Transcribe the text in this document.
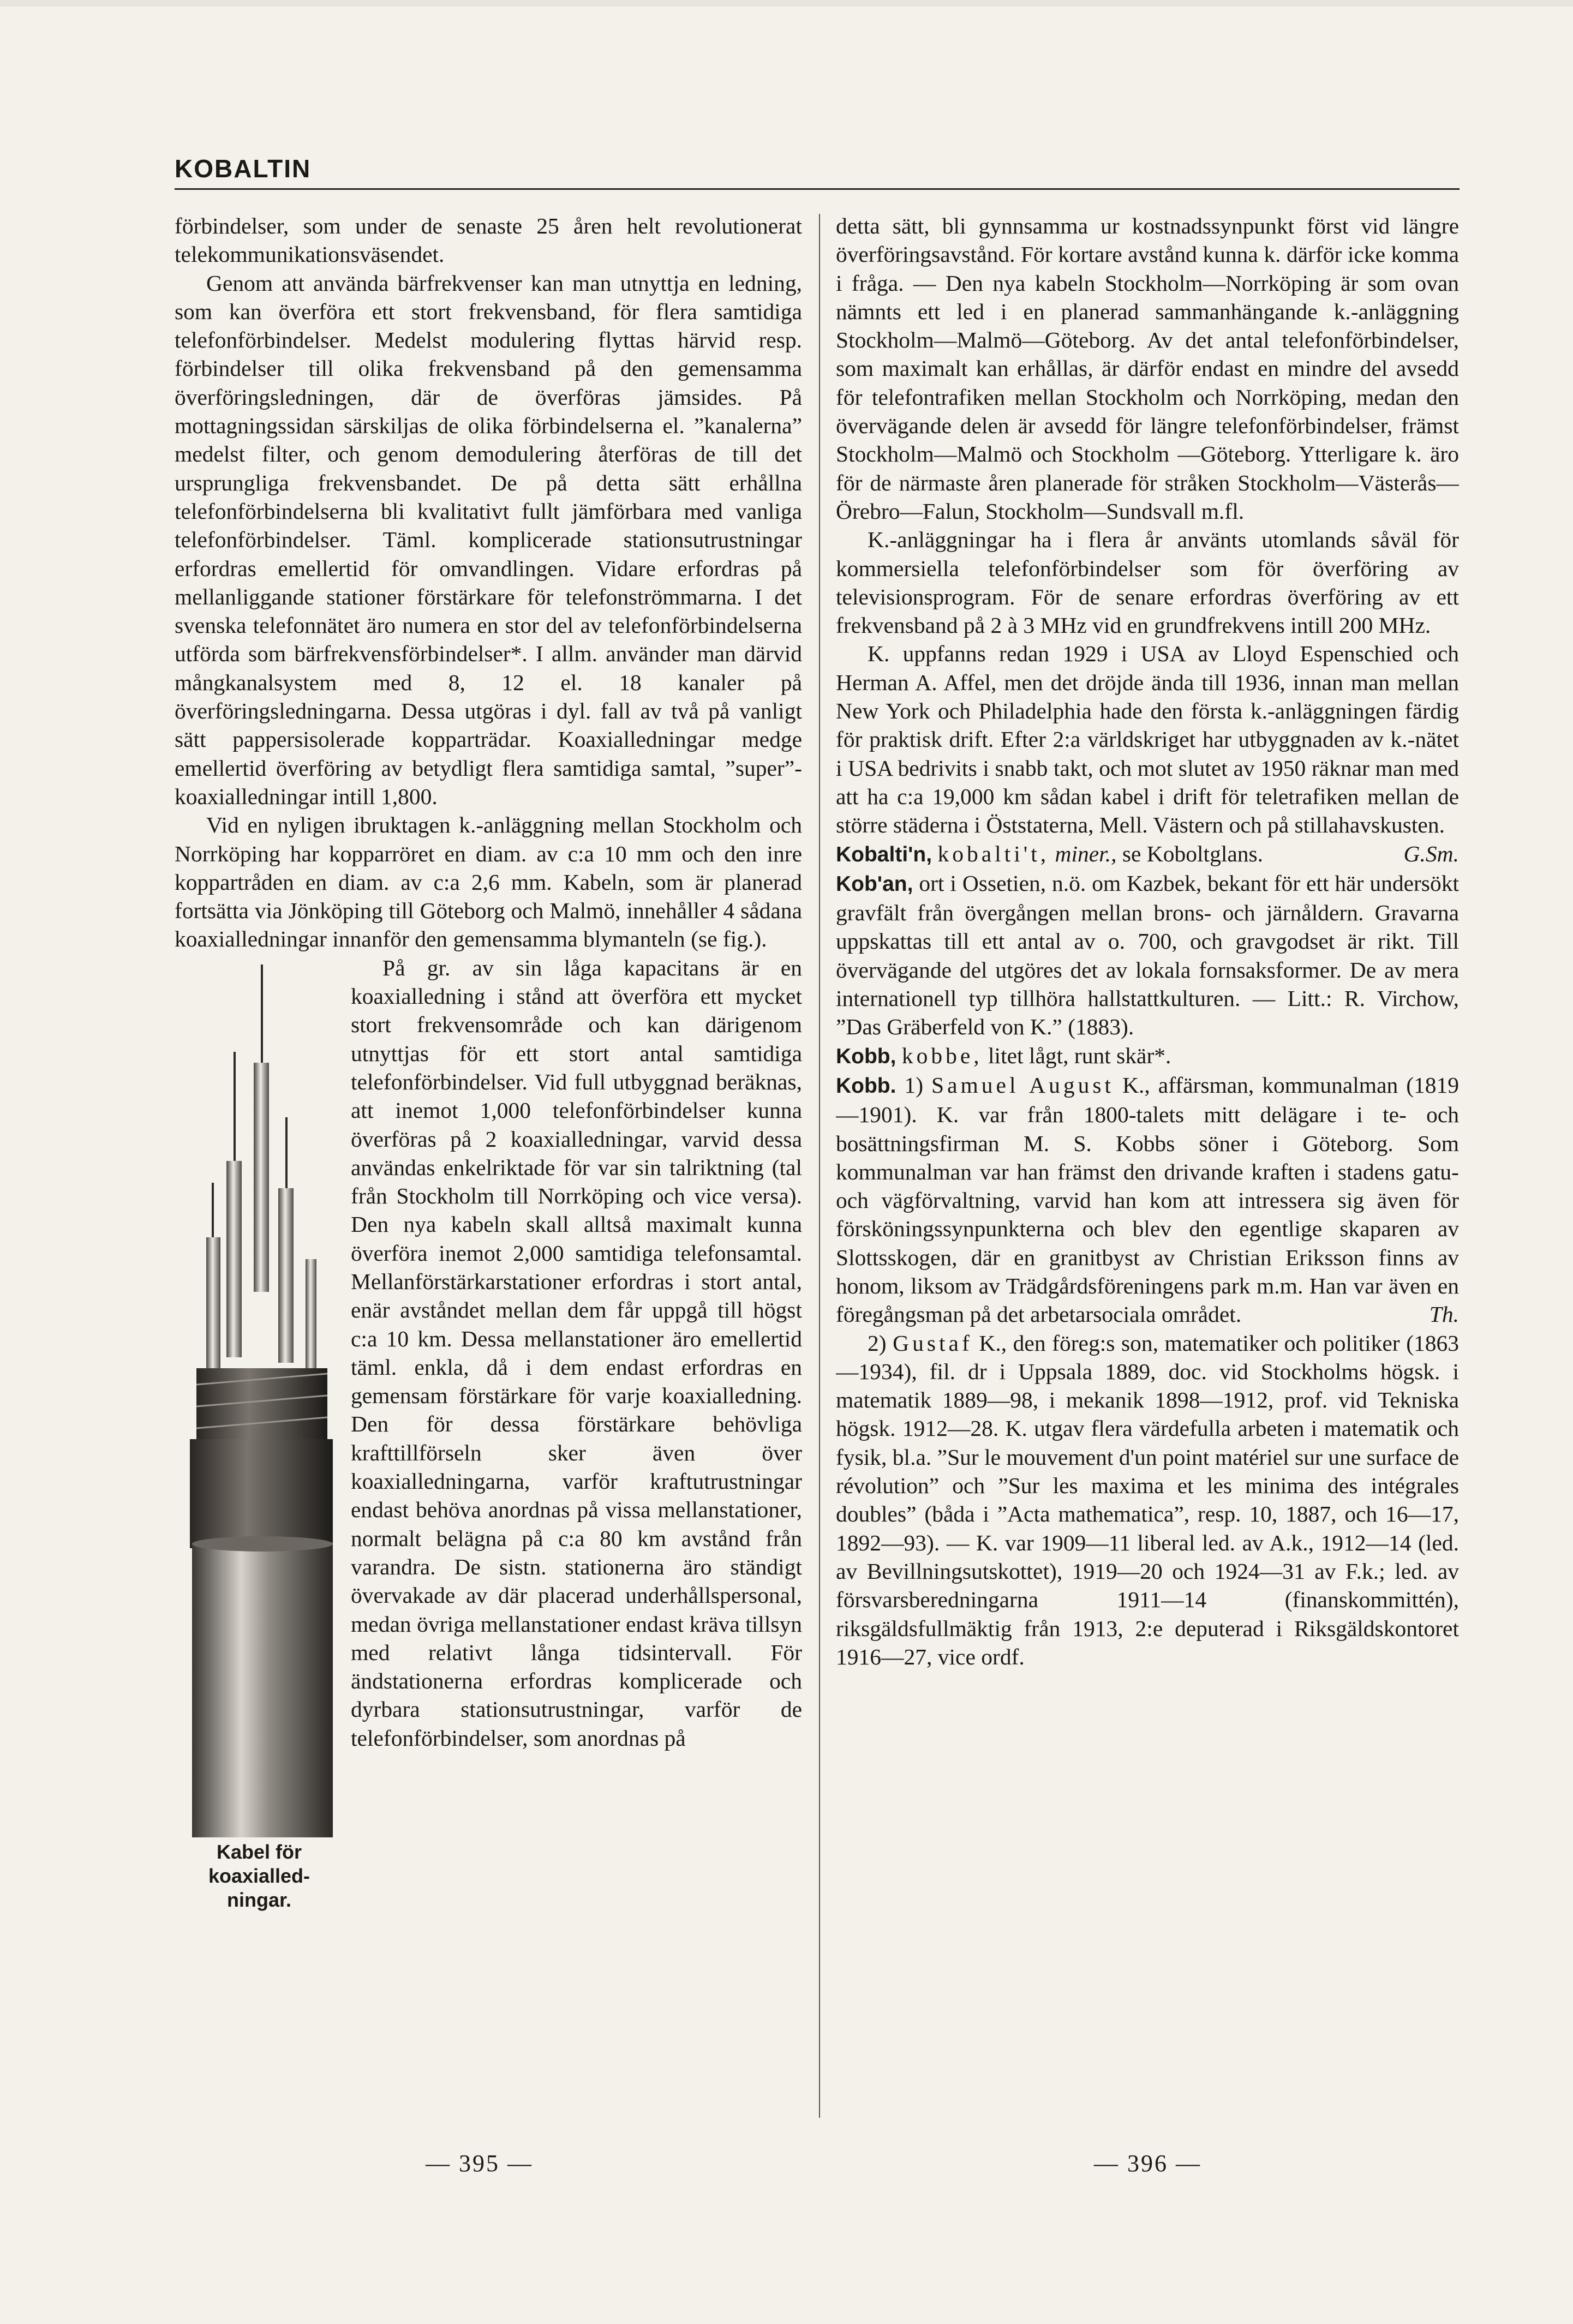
KOBALTIN

förbindelser, som under de senaste 25 åren helt revolutionerat telekommunikationsväsendet.

Genom att använda bärfrekvenser kan man utnyttja en ledning, som kan överföra ett stort frekvensband, för flera samtidiga telefonförbindelser. Medelst modulering flyttas härvid resp. förbindelser till olika frekvensband på den gemensamma överföringsledningen, där de överföras jämsides. På mottagningssidan särskiljas de olika förbindelserna el. ”kanalerna” medelst filter, och genom demodulering återföras de till det ursprungliga frekvensbandet. De på detta sätt erhållna telefonförbindelserna bli kvalitativt fullt jämförbara med vanliga telefonförbindelser. Täml. komplicerade stationsutrustningar erfordras emellertid för omvandlingen. Vidare erfordras på mellanliggande stationer förstärkare för telefonströmmarna. I det svenska telefonnätet äro numera en stor del av telefonförbindelserna utförda som bärfrekvensförbindelser*. I allm. använder man därvid mångkanalsystem med 8, 12 el. 18 kanaler på överföringsledningarna. Dessa utgöras i dyl. fall av två på vanligt sätt pappersisolerade kopparträdar. Koaxialledningar medge emellertid överföring av betydligt flera samtidiga samtal, ”super”-koaxialledningar intill 1,800.

Vid en nyligen ibruktagen k.-anläggning mellan Stockholm och Norrköping har kopparröret en diam. av c:a 10 mm och den inre koppartråden en diam. av c:a 2,6 mm. Kabeln, som är planerad fortsätta via Jönköping till Göteborg och Malmö, innehåller 4 sådana koaxialledningar innanför den gemensamma blymanteln (se fig.).

Kabel för koaxialled-ningar.

På gr. av sin låga kapacitans är en koaxialledning i stånd att överföra ett mycket stort frekvensområde och kan därigenom utnyttjas för ett stort antal samtidiga telefonförbindelser. Vid full utbyggnad beräknas, att inemot 1,000 telefonförbindelser kunna överföras på 2 koaxialledningar, varvid dessa användas enkelriktade för var sin talriktning (tal från Stockholm till Norrköping och vice versa). Den nya kabeln skall alltså maximalt kunna överföra inemot 2,000 samtidiga telefonsamtal. Mellanförstärkarstationer erfordras i stort antal, enär avståndet mellan dem får uppgå till högst c:a 10 km. Dessa mellanstationer äro emellertid täml. enkla, då i dem endast erfordras en gemensam förstärkare för varje koaxialledning. Den för dessa förstärkare behövliga krafttillförseln sker även över koaxialledningarna, varför kraftutrustningar endast behöva anordnas på vissa mellanstationer, normalt belägna på c:a 80 km avstånd från varandra. De sistn. stationerna äro ständigt övervakade av där placerad underhållspersonal, medan övriga mellanstationer endast kräva tillsyn med relativt långa tidsintervall. För ändstationerna erfordras komplicerade och dyrbara stationsutrustningar, varför de telefonförbindelser, som anordnas på

detta sätt, bli gynnsamma ur kostnadssynpunkt först vid längre överföringsavstånd. För kortare avstånd kunna k. därför icke komma i fråga. — Den nya kabeln Stockholm—Norrköping är som ovan nämnts ett led i en planerad sammanhängande k.-anläggning Stockholm—Malmö—Göteborg. Av det antal telefonförbindelser, som maximalt kan erhållas, är därför endast en mindre del avsedd för telefontrafiken mellan Stockholm och Norrköping, medan den övervägande delen är avsedd för längre telefonförbindelser, främst Stockholm—Malmö och Stockholm —Göteborg. Ytterligare k. äro för de närmaste åren planerade för stråken Stockholm—Västerås—Örebro—Falun, Stockholm—Sundsvall m.fl.

K.-anläggningar ha i flera år använts utomlands såväl för kommersiella telefonförbindelser som för överföring av televisionsprogram. För de senare erfordras överföring av ett frekvensband på 2 à 3 MHz vid en grundfrekvens intill 200 MHz.

K. uppfanns redan 1929 i USA av Lloyd Espenschied och Herman A. Affel, men det dröjde ända till 1936, innan man mellan New York och Philadelphia hade den första k.-anläggningen färdig för praktisk drift. Efter 2:a världskriget har utbyggnaden av k.-nätet i USA bedrivits i snabb takt, och mot slutet av 1950 räknar man med att ha c:a 19,000 km sådan kabel i drift för teletrafiken mellan de större städerna i Öststaterna, Mell. Västern och på stillahavskusten.
G.Sm.

Kobalti'n, kobalti't, miner., se Koboltglans.

Kob'an, ort i Ossetien, n.ö. om Kazbek, bekant för ett här undersökt gravfält från övergången mellan brons- och järnåldern. Gravarna uppskattas till ett antal av o. 700, och gravgodset är rikt. Till övervägande del utgöres det av lokala fornsaksformer. De av mera internationell typ tillhöra hallstattkulturen. — Litt.: R. Virchow, ”Das Gräberfeld von K.” (1883).

Kobb, kobbe, litet lågt, runt skär*.

Kobb. 1) Samuel August K., affärsman, kommunalman (1819—1901). K. var från 1800-talets mitt delägare i te- och bosättningsfirman M. S. Kobbs söner i Göteborg. Som kommunalman var han främst den drivande kraften i stadens gatu- och vägförvaltning, varvid han kom att intressera sig även för försköningssynpunkterna och blev den egentlige skaparen av Slottsskogen, där en granitbyst av Christian Eriksson finns av honom, liksom av Trädgårdsföreningens park m.m. Han var även en föregångsman på det arbetarsociala området.	Th.

2) Gustaf K., den föreg:s son, matematiker och politiker (1863—1934), fil. dr i Uppsala 1889, doc. vid Stockholms högsk. i matematik 1889—98, i mekanik 1898—1912, prof. vid Tekniska högsk. 1912—28. K. utgav flera värdefulla arbeten i matematik och fysik, bl.a. ”Sur le mouvement d'un point matériel sur une surface de révolution” och ”Sur les maxima et les minima des intégrales doubles” (båda i ”Acta mathematica”, resp. 10, 1887, och 16—17, 1892—93). — K. var 1909—11 liberal led. av A.k., 1912—14 (led. av Bevillningsutskottet), 1919—20 och 1924—31 av F.k.; led. av försvarsberedningarna 1911—14 (finanskommittén), riksgäldsfullmäktig från 1913, 2:e deputerad i Riksgäldskontoret 1916—27, vice ordf.

— 395 —	— 396 —
